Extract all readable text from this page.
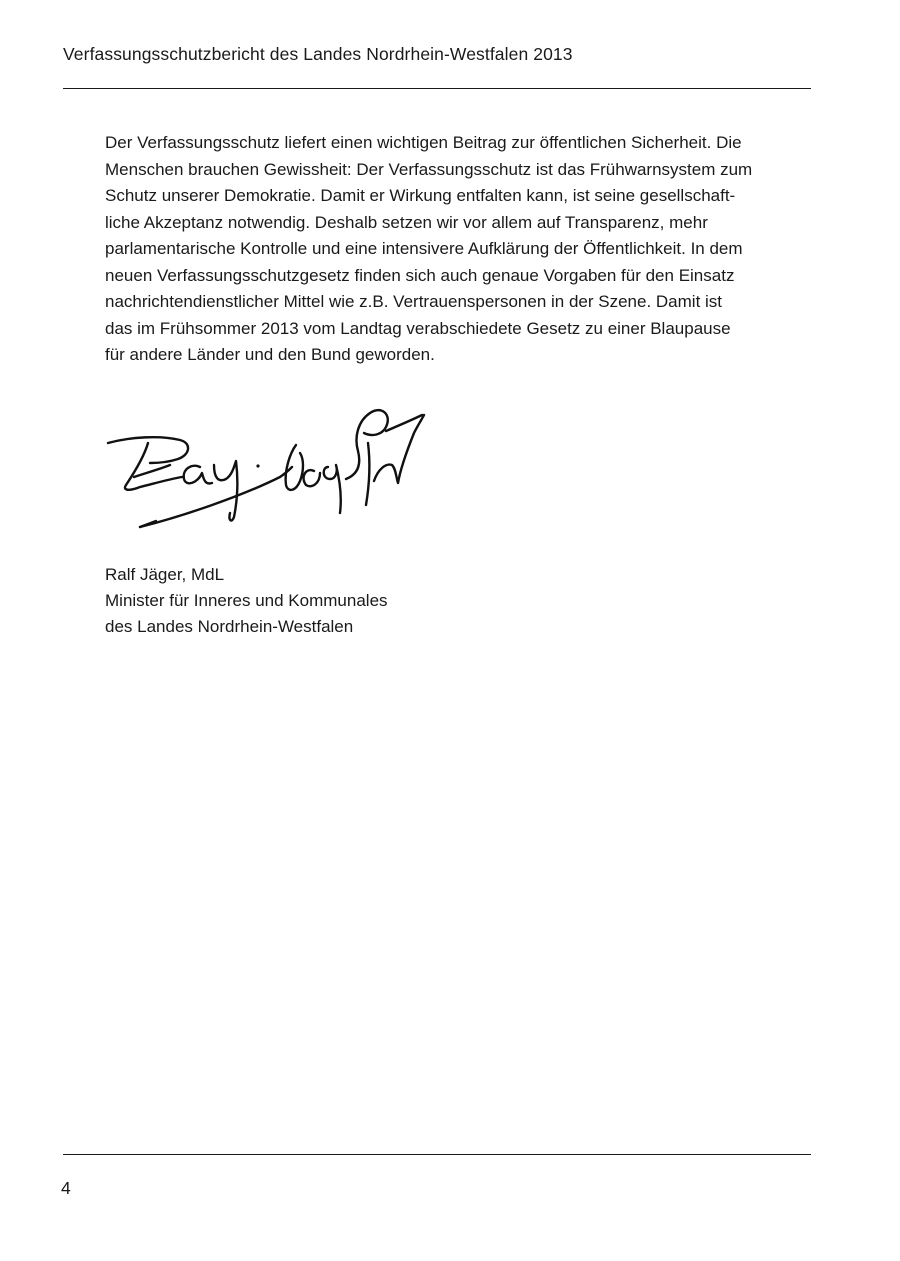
Verfassungsschutzbericht des Landes Nordrhein-Westfalen 2013
Der Verfassungsschutz liefert einen wichtigen Beitrag zur öffentlichen Sicherheit. Die
Menschen brauchen Gewissheit: Der Verfassungsschutz ist das Frühwarnsystem zum
Schutz unserer Demokratie. Damit er Wirkung entfalten kann, ist seine gesellschaft-
liche Akzeptanz notwendig. Deshalb setzen wir vor allem auf Transparenz, mehr
parlamentarische Kontrolle und eine intensivere Aufklärung der Öffentlichkeit. In dem
neuen Verfassungsschutzgesetz finden sich auch genaue Vorgaben für den Einsatz
nachrichtendienstlicher Mittel wie z.B. Vertrauenspersonen in der Szene. Damit ist
das im Frühsommer 2013 vom Landtag verabschiedete Gesetz zu einer Blaupause
für andere Länder und den Bund geworden.
Ralf Jäger, MdL
Minister für Inneres und Kommunales
des Landes Nordrhein-Westfalen
4
